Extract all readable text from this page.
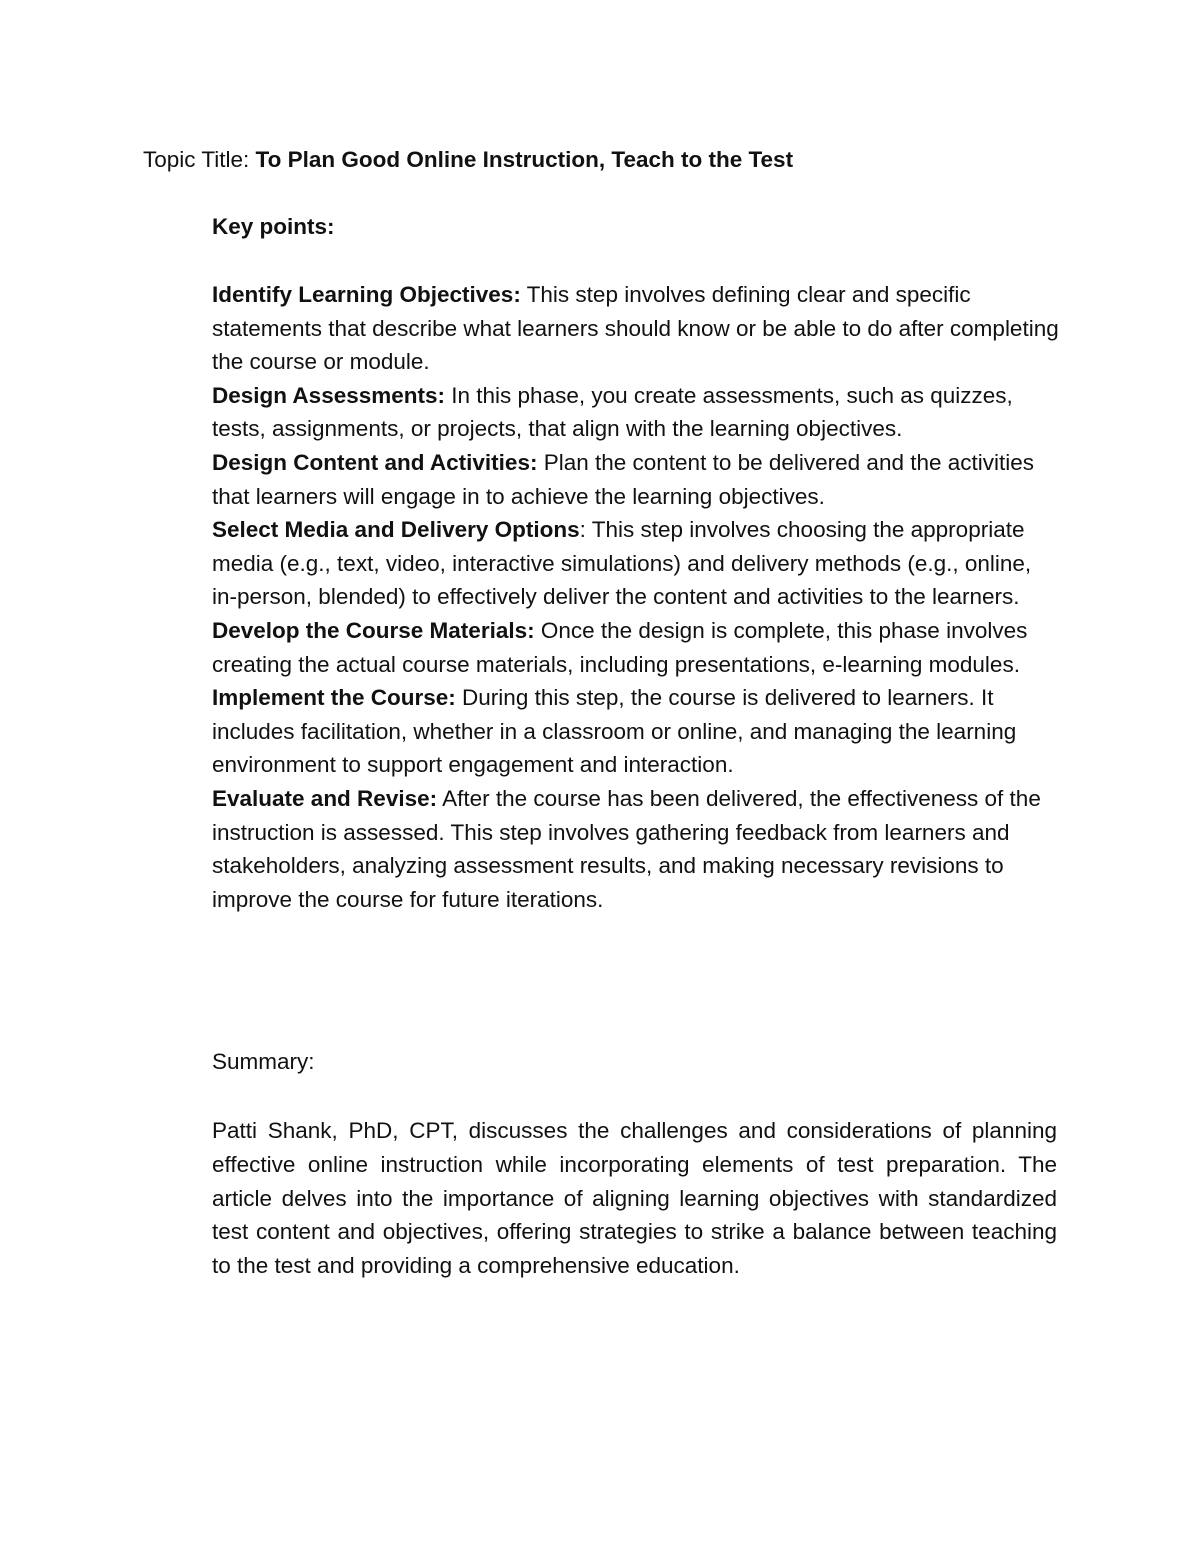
Topic Title: To Plan Good Online Instruction, Teach to the Test
Key points:

Identify Learning Objectives: This step involves defining clear and specific statements that describe what learners should know or be able to do after completing the course or module.

Design Assessments: In this phase, you create assessments, such as quizzes, tests, assignments, or projects, that align with the learning objectives.

Design Content and Activities: Plan the content to be delivered and the activities that learners will engage in to achieve the learning objectives.

Select Media and Delivery Options: This step involves choosing the appropriate media (e.g., text, video, interactive simulations) and delivery methods (e.g., online, in-person, blended) to effectively deliver the content and activities to the learners.

Develop the Course Materials: Once the design is complete, this phase involves creating the actual course materials, including presentations, e-learning modules.

Implement the Course: During this step, the course is delivered to learners. It includes facilitation, whether in a classroom or online, and managing the learning environment to support engagement and interaction.

Evaluate and Revise: After the course has been delivered, the effectiveness of the instruction is assessed. This step involves gathering feedback from learners and stakeholders, analyzing assessment results, and making necessary revisions to improve the course for future iterations.

Summary:
Patti Shank, PhD, CPT, discusses the challenges and considerations of planning effective online instruction while incorporating elements of test preparation. The article delves into the importance of aligning learning objectives with standardized test content and objectives, offering strategies to strike a balance between teaching to the test and providing a comprehensive education.
